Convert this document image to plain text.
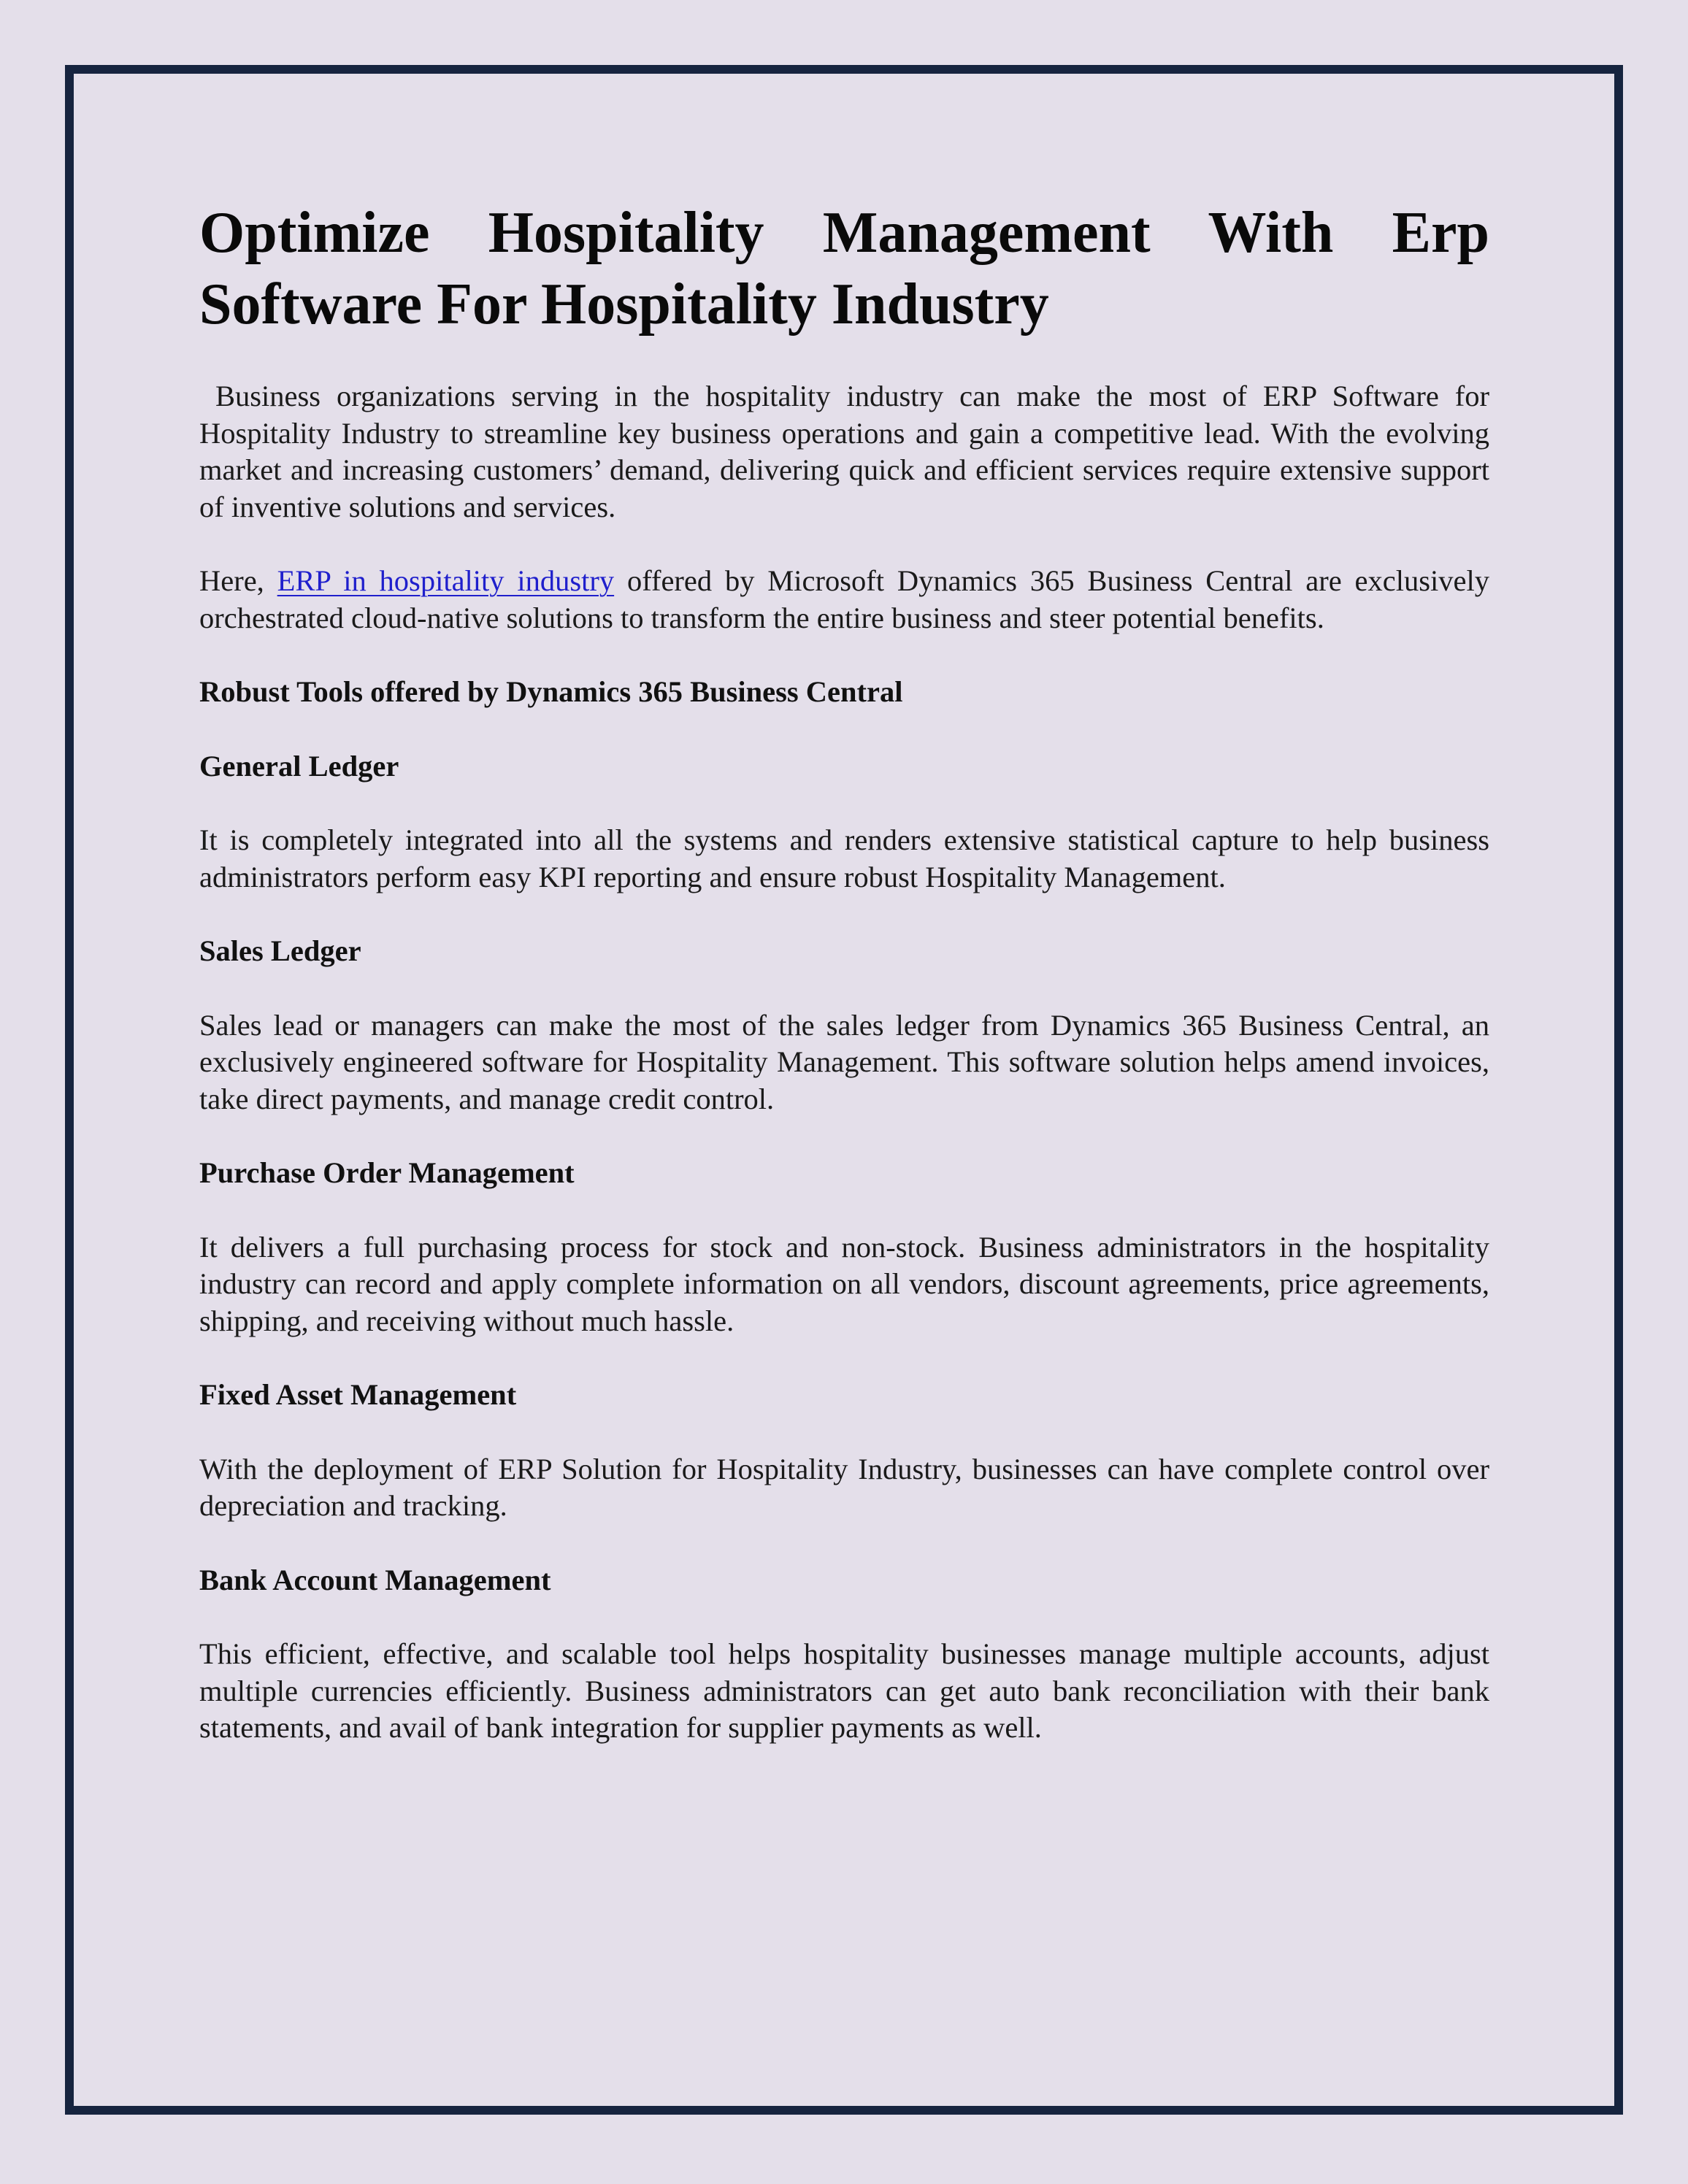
Optimize Hospitality Management With Erp Software For Hospitality Industry

Business organizations serving in the hospitality industry can make the most of ERP Software for Hospitality Industry to streamline key business operations and gain a competitive lead. With the evolving market and increasing customers’ demand, delivering quick and efficient services require extensive support of inventive solutions and services.

Here, ERP in hospitality industry offered by Microsoft Dynamics 365 Business Central are exclusively orchestrated cloud-native solutions to transform the entire business and steer potential benefits.

Robust Tools offered by Dynamics 365 Business Central
General Ledger

It is completely integrated into all the systems and renders extensive statistical capture to help business administrators perform easy KPI reporting and ensure robust Hospitality Management.

Sales Ledger

Sales lead or managers can make the most of the sales ledger from Dynamics 365 Business Central, an exclusively engineered software for Hospitality Management. This software solution helps amend invoices, take direct payments, and manage credit control.

Purchase Order Management

It delivers a full purchasing process for stock and non-stock. Business administrators in the hospitality industry can record and apply complete information on all vendors, discount agreements, price agreements, shipping, and receiving without much hassle.

Fixed Asset Management

With the deployment of ERP Solution for Hospitality Industry, businesses can have complete control over depreciation and tracking.

Bank Account Management

This efficient, effective, and scalable tool helps hospitality businesses manage multiple accounts, adjust multiple currencies efficiently. Business administrators can get auto bank reconciliation with their bank statements, and avail of bank integration for supplier payments as well.
